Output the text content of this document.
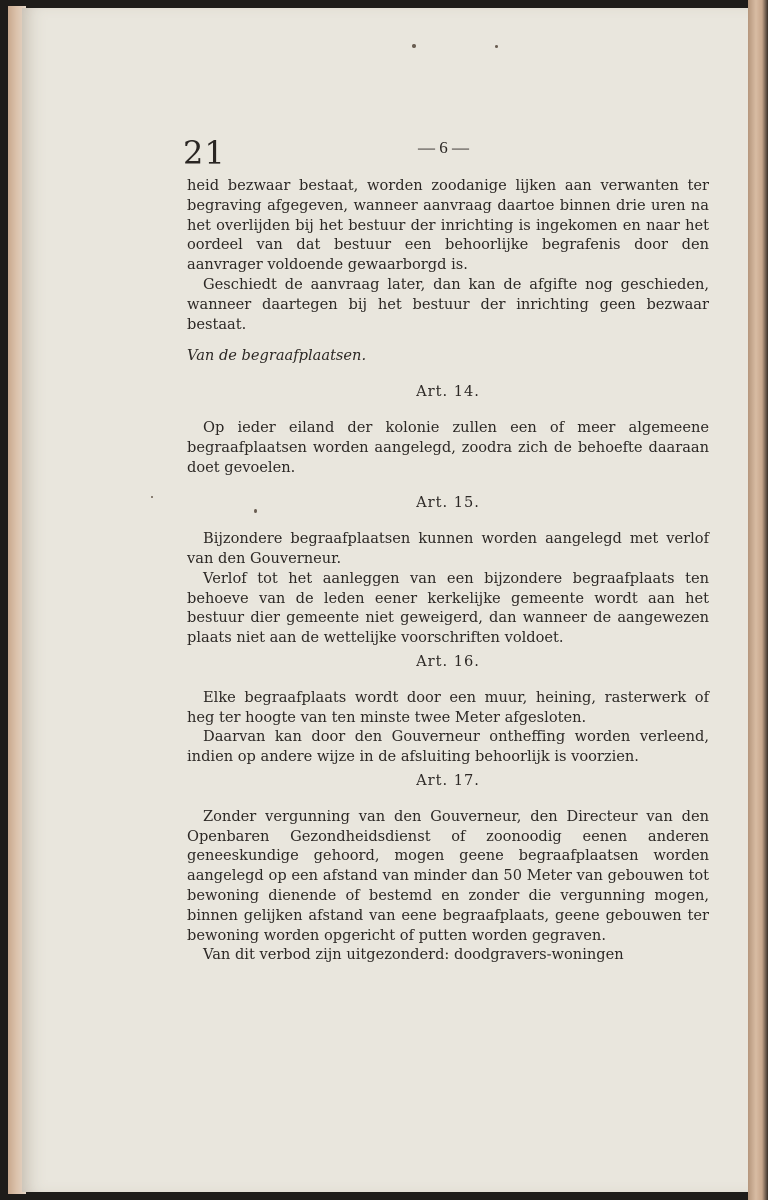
21	— 6 —

heid bezwaar bestaat, worden zoodanige lijken aan verwanten ter begraving afgegeven, wanneer aanvraag daartoe binnen drie uren na het overlijden bij het bestuur der inrichting is ingekomen en naar het oordeel van dat bestuur een behoorlijke begrafenis door den aanvrager voldoende gewaarborgd is.

Geschiedt de aanvraag later, dan kan de afgifte nog geschieden, wanneer daartegen bij het bestuur der inrichting geen bezwaar bestaat.

Van de begraafplaatsen.

Art. 14.

Op ieder eiland der kolonie zullen een of meer algemeene begraafplaatsen worden aangelegd, zoodra zich de behoefte daaraan doet gevoelen.

Art. 15.

Bijzondere begraafplaatsen kunnen worden aangelegd met verlof van den Gouverneur.

Verlof tot het aanleggen van een bijzondere begraafplaats ten behoeve van de leden eener kerkelijke gemeente wordt aan het bestuur dier gemeente niet geweigerd, dan wanneer de aangewezen plaats niet aan de wettelijke voorschriften voldoet.

Art. 16.

Elke begraafplaats wordt door een muur, heining, rasterwerk of heg ter hoogte van ten minste twee Meter afgesloten.

Daarvan kan door den Gouverneur ontheffing worden verleend, indien op andere wijze in de afsluiting behoorlijk is voorzien.

Art. 17.

Zonder vergunning van den Gouverneur, den Directeur van den Openbaren Gezondheidsdienst of zoonoodig eenen anderen geneeskundige gehoord, mogen geene begraafplaatsen worden aangelegd op een afstand van minder dan 50 Meter van gebouwen tot bewoning dienende of bestemd en zonder die vergunning mogen, binnen gelijken afstand van eene begraafplaats, geene gebouwen ter bewoning worden opgericht of putten worden gegraven.

Van dit verbod zijn uitgezonderd: doodgravers-woningen
